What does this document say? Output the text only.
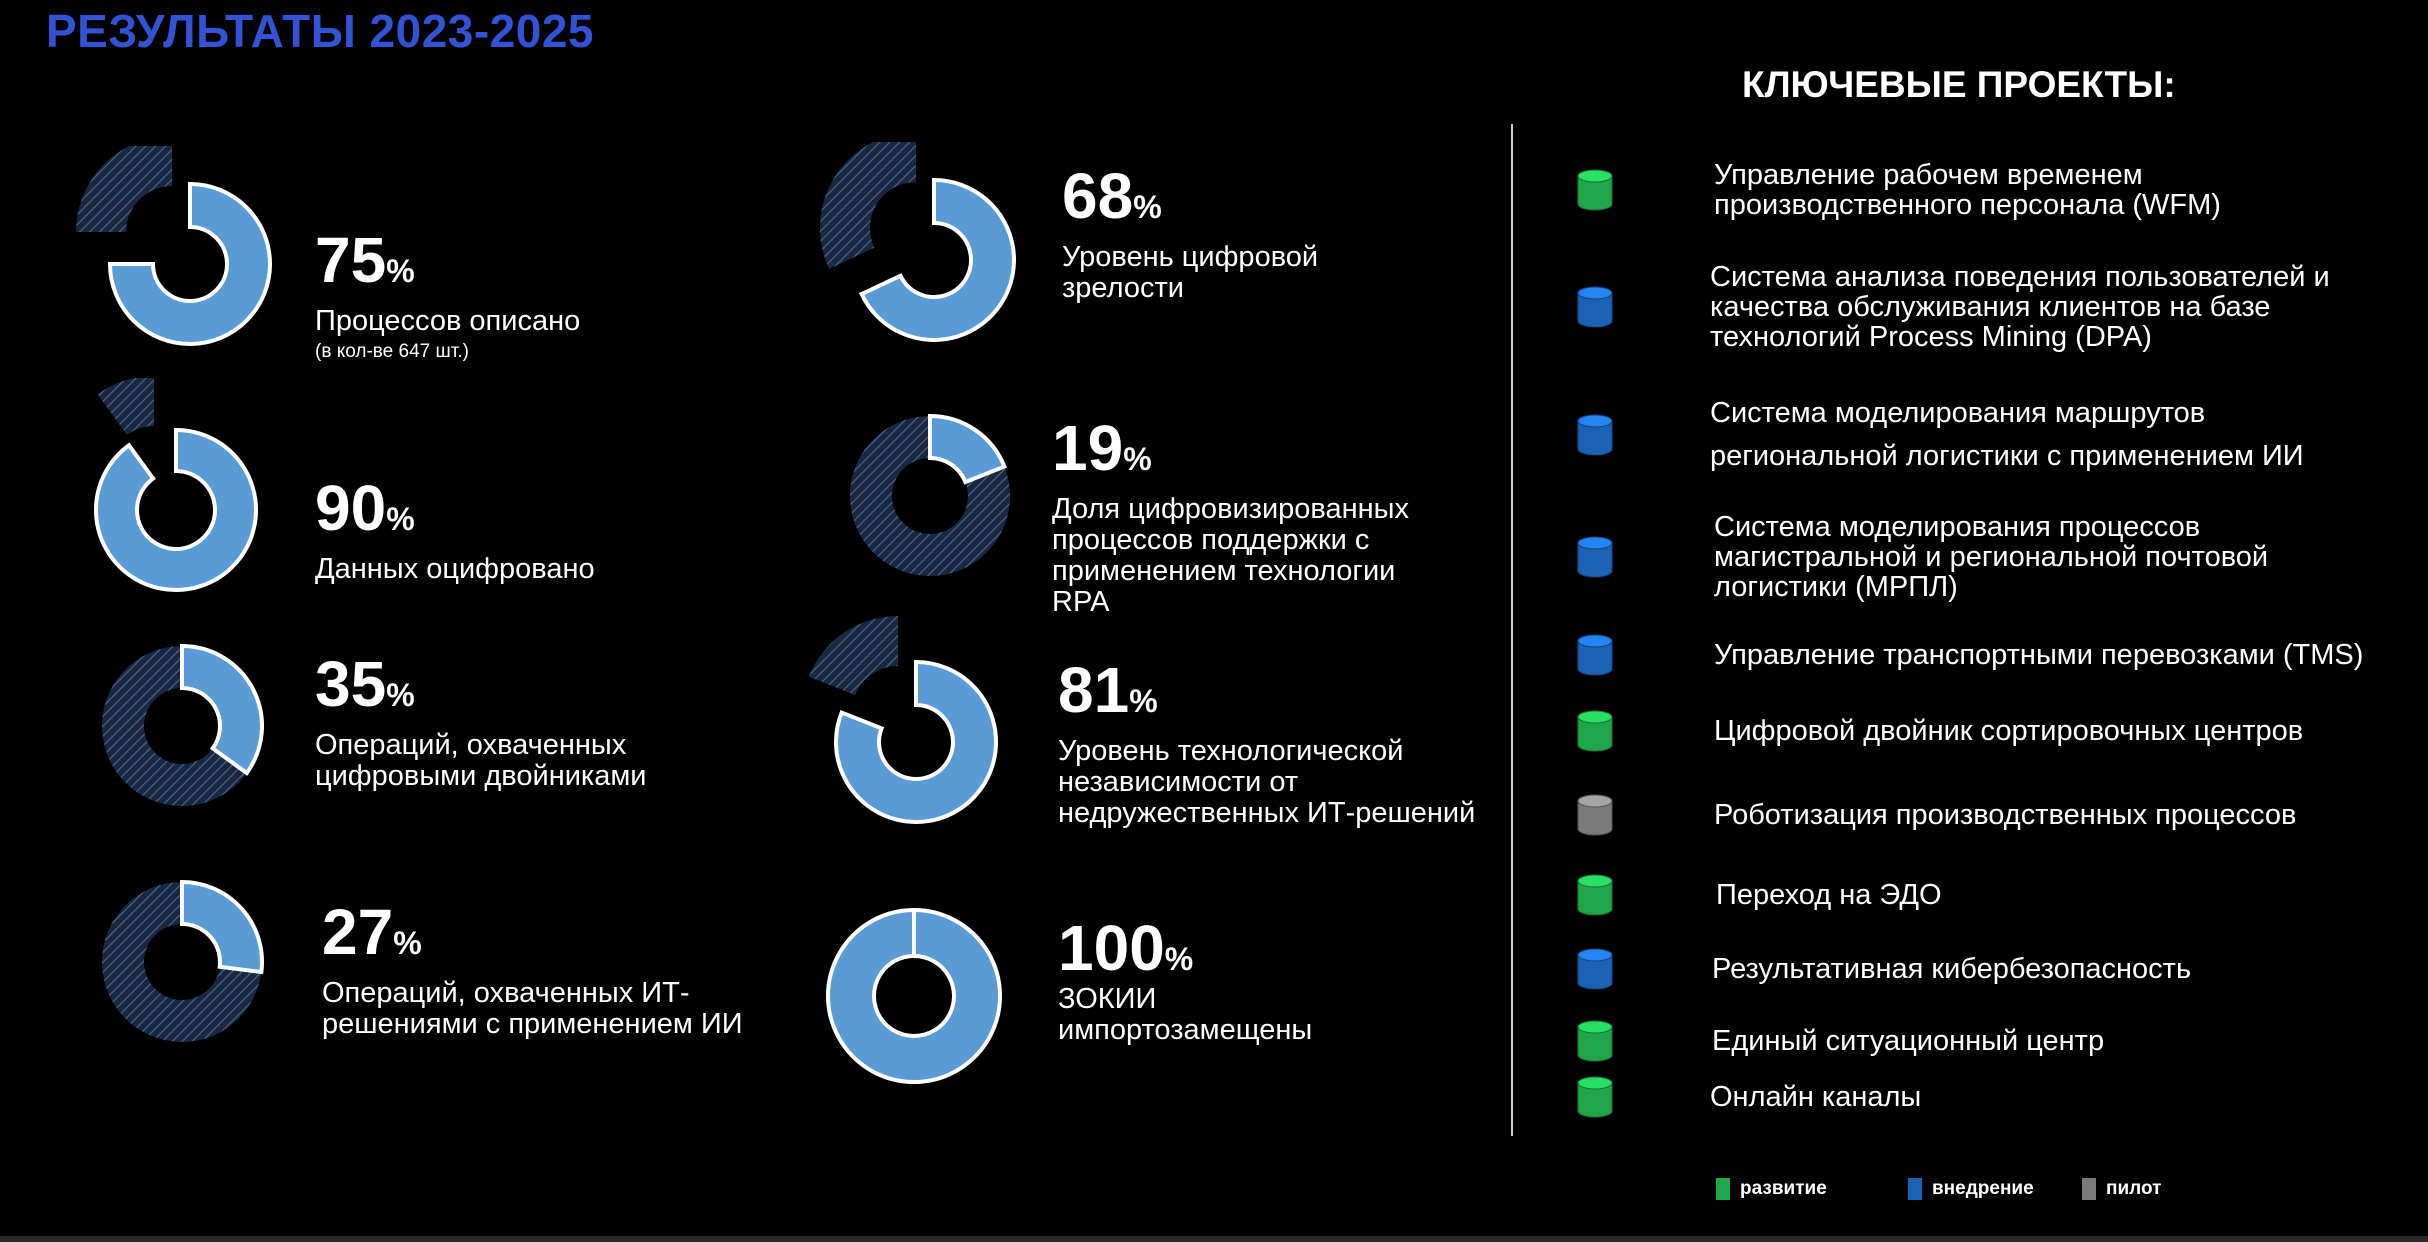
РЕЗУЛЬТАТЫ 2023-2025
75%
Процессов описано
(в кол-ве 647 шт.)
90%
Данных оцифровано
35%
Операций, охваченных
цифровыми двойниками
27%
Операций, охваченных ИТ-
решениями с применением ИИ
68%
Уровень цифровой
зрелости
19%
Доля цифровизированных
процессов поддержки с
применением технологии
RPA
81%
Уровень технологической
независимости от
недружественных ИТ-решений
100%
ЗОКИИ
импортозамещены
КЛЮЧЕВЫЕ ПРОЕКТЫ:
Управление рабочем временем
производственного персонала (WFM)
Система анализа поведения пользователей и
качества обслуживания клиентов на базе
технологий Process Mining (DPA)
Система моделирования маршрутов
региональной логистики с применением ИИ
Система моделирования процессов
магистральной и региональной почтовой
логистики (МРПЛ)
Управление транспортными перевозками (TMS)
Цифровой двойник сортировочных центров
Роботизация производственных процессов
Переход на ЭДО
Результативная кибербезопасность
Единый ситуационный центр
Онлайн каналы
развитие	внедрение	пилот
